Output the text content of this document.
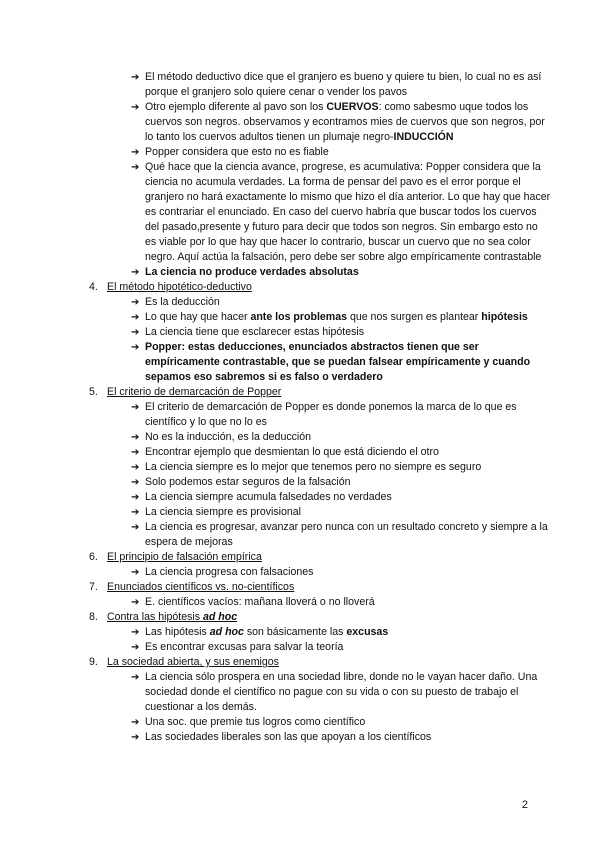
➔ El método deductivo dice que el granjero es bueno y quiere tu bien, lo cual no es así porque el granjero solo quiere cenar o vender los pavos
➔ Otro ejemplo diferente al pavo son los CUERVOS: como sabesmo uque todos los cuervos son negros. observamos y econtramos mies de cuervos que son negros, por lo tanto los cuervos adultos tienen un plumaje negro-INDUCCIÓN
➔ Popper considera que esto no es fiable
➔ Qué hace que la ciencia avance, progrese, es acumulativa: Popper considera que la ciencia no acumula verdades. La forma de pensar del pavo es el error porque el granjero no hará exactamente lo mismo que hizo el día anterior. Lo que hay que hacer es contrariar el enunciado. En caso del cuervo habría que buscar todos los cuervos del pasado,presente y futuro para decir que todos son negros. Sin embargo esto no es viable por lo que hay que hacer lo contrario, buscar un cuervo que no sea color negro. Aquí actúa la falsación, pero debe ser sobre algo empíricamente contrastable
➔ La ciencia no produce verdades absolutas
4. El método hipotético-deductivo
➔ Es la deducción
➔ Lo que hay que hacer ante los problemas que nos surgen es plantear hipótesis
➔ La ciencia tiene que esclarecer estas hipótesis
➔ Popper: estas deducciones, enunciados abstractos tienen que ser empíricamente contrastable, que se puedan falsear empíricamente y cuando sepamos eso sabremos si es falso o verdadero
5. El criterio de demarcación de Popper
➔ El criterio de demarcación de Popper es donde ponemos la marca de lo que es científico y lo que no lo es
➔ No es la inducción, es la deducción
➔ Encontrar ejemplo que desmientan lo que está diciendo el otro
➔ La ciencia siempre es lo mejor que tenemos pero no siempre es seguro
➔ Solo podemos estar seguros de la falsación
➔ La ciencia siempre acumula falsedades no verdades
➔ La ciencia siempre es provisional
➔ La ciencia es progresar, avanzar pero nunca con un resultado concreto y siempre a la espera de mejoras
6. El principio de falsación empírica
➔ La ciencia progresa con falsaciones
7. Enunciados científicos vs. no-científicos
➔ E. científicos vacíos: mañana lloverá o no lloverá
8. Contra las hipótesis ad hoc
➔ Las hipótesis ad hoc son básicamente las excusas
➔ Es encontrar excusas para salvar la teoría
9. La sociedad abierta, y sus enemigos
➔ La ciencia sólo prospera en una sociedad libre, donde no le vayan hacer daño. Una sociedad donde el científico no pague con su vida o con su puesto de trabajo el cuestionar a los demás.
➔ Una soc. que premie tus logros como científico
➔ Las sociedades liberales son las que apoyan a los científicos
2
